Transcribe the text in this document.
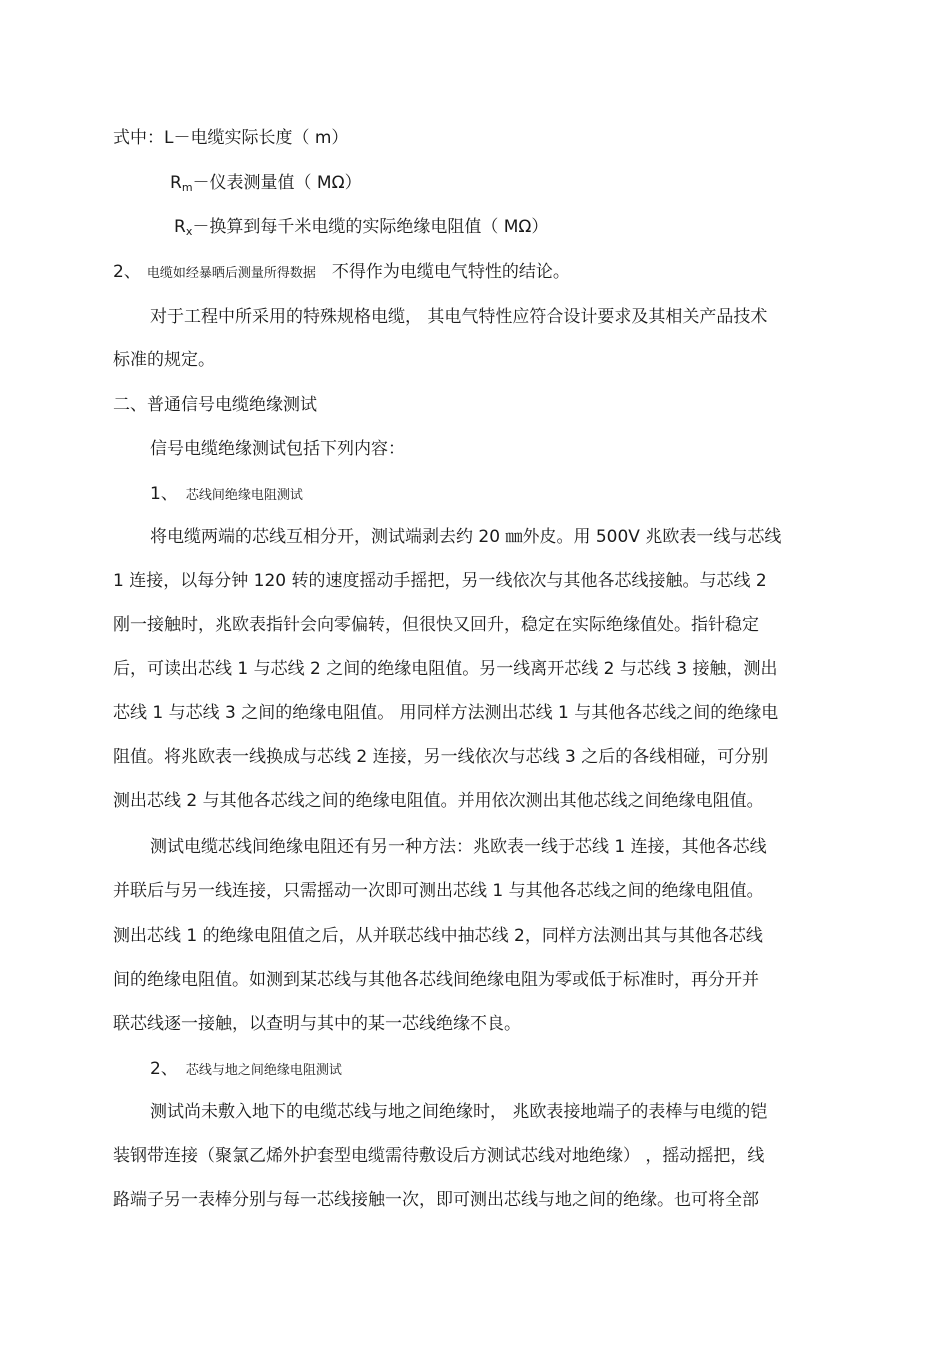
式中：L－电缆实际长度（ m）
Rm－仪表测量值（ MΩ）
Rx－换算到每千米电缆的实际绝缘电阻值（ MΩ）
2、 电缆如经暴晒后测量所得数据 不得作为电缆电气特性的结论。
对于工程中所采用的特殊规格电缆， 其电气特性应符合设计要求及其相关产品技术
标准的规定。
二、普通信号电缆绝缘测试
信号电缆绝缘测试包括下列内容：
1、 芯线间绝缘电阻测试
将电缆两端的芯线互相分开，测试端剥去约 20 ㎜外皮。用 500V 兆欧表一线与芯线
1 连接，以每分钟 120 转的速度摇动手摇把，另一线依次与其他各芯线接触。与芯线 2
刚一接触时，兆欧表指针会向零偏转，但很快又回升，稳定在实际绝缘值处。指针稳定
后，可读出芯线 1 与芯线 2 之间的绝缘电阻值。另一线离开芯线 2 与芯线 3 接触，测出
芯线 1 与芯线 3 之间的绝缘电阻值。 用同样方法测出芯线 1 与其他各芯线之间的绝缘电
阻值。将兆欧表一线换成与芯线 2 连接，另一线依次与芯线 3 之后的各线相碰，可分别
测出芯线 2 与其他各芯线之间的绝缘电阻值。并用依次测出其他芯线之间绝缘电阻值。
测试电缆芯线间绝缘电阻还有另一种方法：兆欧表一线于芯线 1 连接，其他各芯线
并联后与另一线连接，只需摇动一次即可测出芯线 1 与其他各芯线之间的绝缘电阻值。
测出芯线 1 的绝缘电阻值之后，从并联芯线中抽芯线 2，同样方法测出其与其他各芯线
间的绝缘电阻值。如测到某芯线与其他各芯线间绝缘电阻为零或低于标准时，再分开并
联芯线逐一接触，以查明与其中的某一芯线绝缘不良。
2、 芯线与地之间绝缘电阻测试
测试尚未敷入地下的电缆芯线与地之间绝缘时， 兆欧表接地端子的表棒与电缆的铠
装钢带连接（聚氯乙烯外护套型电缆需待敷设后方测试芯线对地绝缘） ，摇动摇把，线
路端子另一表棒分别与每一芯线接触一次，即可测出芯线与地之间的绝缘。也可将全部
